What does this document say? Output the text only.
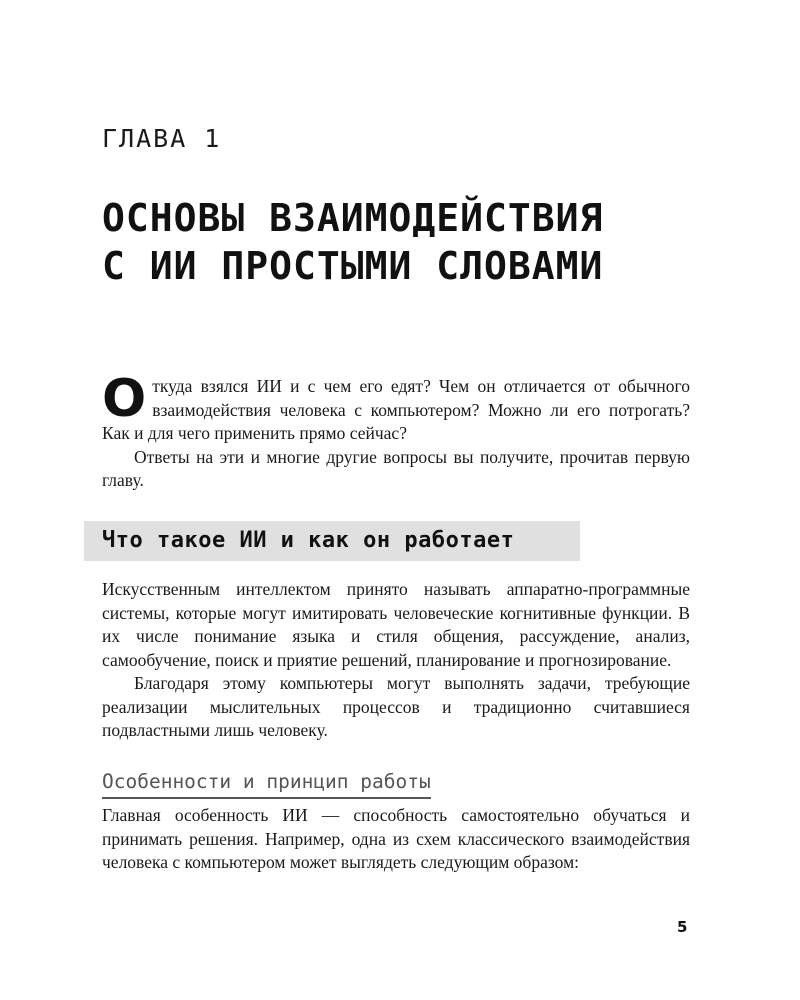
ГЛАВА 1
ОСНОВЫ ВЗАИМОДЕЙСТВИЯ
С ИИ ПРОСТЫМИ СЛОВАМИ

Откуда взялся ИИ и с чем его едят? Чем он отличается от обычного взаимодействия человека с компьютером? Можно ли его потрогать? Как и для чего применить прямо сейчас?

Ответы на эти и многие другие вопросы вы получите, прочитав первую главу.

Что такое ИИ и как он работает

Искусственным интеллектом принято называть аппаратно-программные системы, которые могут имитировать человеческие когнитивные функции. В их числе понимание языка и стиля общения, рассуждение, анализ, самообучение, поиск и приятие решений, планирование и прогнозирование.

Благодаря этому компьютеры могут выполнять задачи, требующие реализации мыслительных процессов и традиционно считавшиеся подвластными лишь человеку.

Особенности и принцип работы

Главная особенность ИИ — способность самостоятельно обучаться и принимать решения. Например, одна из схем классического взаимодействия человека с компьютером может выглядеть следующим образом:

5
